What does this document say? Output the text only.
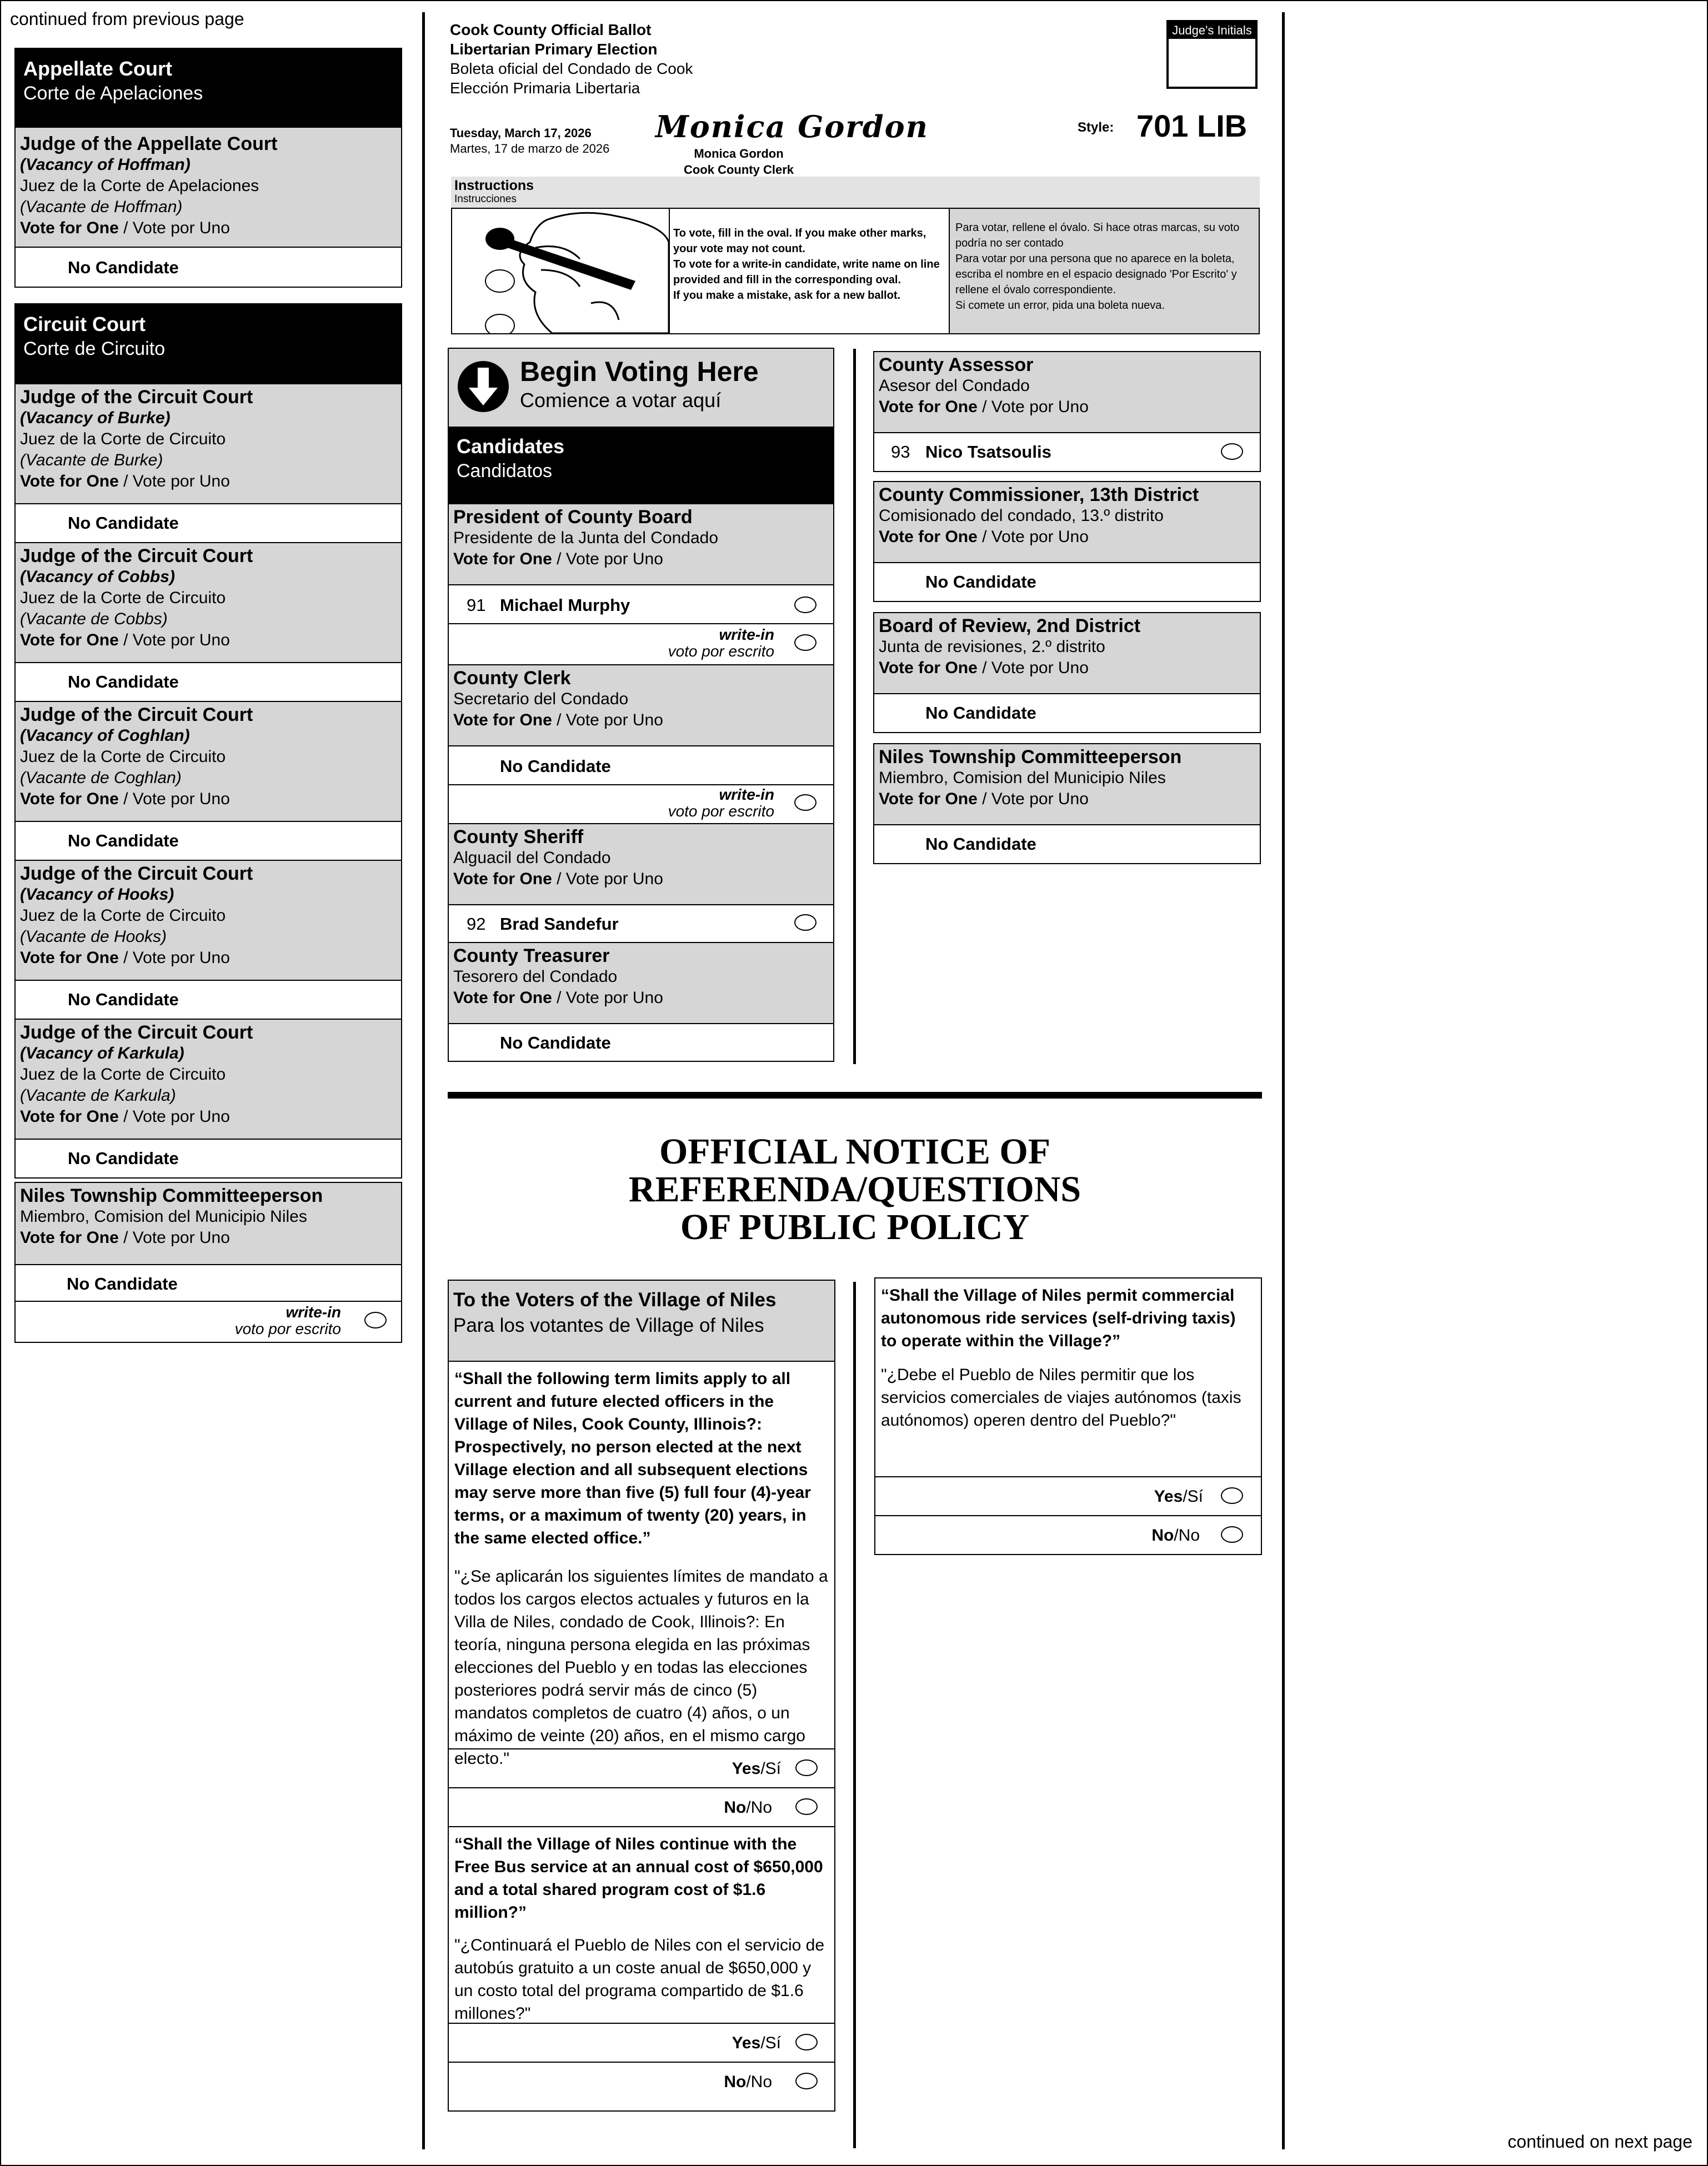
continued from previous page
continued on next page
Appellate Court
Corte de Apelaciones
Judge of the Appellate Court
(Vacancy of Hoffman)
Juez de la Corte de Apelaciones
(Vacante de Hoffman)
Vote for One / Vote por Uno
No Candidate
Circuit Court
Corte de Circuito
Judge of the Circuit Court
(Vacancy of Burke)
Juez de la Corte de Circuito
(Vacante de Burke)
Vote for One / Vote por Uno
No Candidate
Judge of the Circuit Court
(Vacancy of Cobbs)
Juez de la Corte de Circuito
(Vacante de Cobbs)
Vote for One / Vote por Uno
No Candidate
Judge of the Circuit Court
(Vacancy of Coghlan)
Juez de la Corte de Circuito
(Vacante de Coghlan)
Vote for One / Vote por Uno
No Candidate
Judge of the Circuit Court
(Vacancy of Hooks)
Juez de la Corte de Circuito
(Vacante de Hooks)
Vote for One / Vote por Uno
No Candidate
Judge of the Circuit Court
(Vacancy of Karkula)
Juez de la Corte de Circuito
(Vacante de Karkula)
Vote for One / Vote por Uno
No Candidate
Niles Township Committeeperson
Miembro, Comision del Municipio Niles
Vote for One / Vote por Uno
No Candidate
write-in
voto por escrito
Cook County Official Ballot
Libertarian Primary Election
Boleta oficial del Condado de Cook
Elección Primaria Libertaria
Tuesday, March 17, 2026
Martes, 17 de marzo de 2026
Monica Gordon
Monica Gordon
Cook County Clerk
Style: 701 LIB
Judge's Initials
Instructions
Instrucciones
To vote, fill in the oval. If you make other marks, your vote may not count.
To vote for a write-in candidate, write name on line provided and fill in the corresponding oval.
If you make a mistake, ask for a new ballot.
Para votar, rellene el óvalo. Si hace otras marcas, su voto podría no ser contado
Para votar por una persona que no aparece en la boleta, escriba el nombre en el espacio designado 'Por Escrito' y rellene el óvalo correspondiente.
Si comete un error, pida una boleta nueva.
Begin Voting Here
Comience a votar aquí
Candidates
Candidatos
President of County Board
Presidente de la Junta del Condado
Vote for One / Vote por Uno
91 Michael Murphy
write-in
voto por escrito
County Clerk
Secretario del Condado
Vote for One / Vote por Uno
No Candidate
write-in
voto por escrito
County Sheriff
Alguacil del Condado
Vote for One / Vote por Uno
92 Brad Sandefur
County Treasurer
Tesorero del Condado
Vote for One / Vote por Uno
No Candidate
County Assessor
Asesor del Condado
Vote for One / Vote por Uno
93 Nico Tsatsoulis
County Commissioner, 13th District
Comisionado del condado, 13.º distrito
Vote for One / Vote por Uno
No Candidate
Board of Review, 2nd District
Junta de revisiones, 2.º distrito
Vote for One / Vote por Uno
No Candidate
Niles Township Committeeperson
Miembro, Comision del Municipio Niles
Vote for One / Vote por Uno
No Candidate
OFFICIAL NOTICE OF
REFERENDA/QUESTIONS
OF PUBLIC POLICY
To the Voters of the Village of Niles
Para los votantes de Village of Niles
“Shall the following term limits apply to all current and future elected officers in the Village of Niles, Cook County, Illinois?: Prospectively, no person elected at the next Village election and all subsequent elections may serve more than five (5) full four (4)-year terms, or a maximum of twenty (20) years, in the same elected office.”
"¿Se aplicarán los siguientes límites de mandato a todos los cargos electos actuales y futuros en la Villa de Niles, condado de Cook, Illinois?: En teoría, ninguna persona elegida en las próximas elecciones del Pueblo y en todas las elecciones posteriores podrá servir más de cinco (5) mandatos completos de cuatro (4) años, o un máximo de veinte (20) años, en el mismo cargo electo."
Yes/Sí
No/No
“Shall the Village of Niles continue with the Free Bus service at an annual cost of $650,000 and a total shared program cost of $1.6 million?”
"¿Continuará el Pueblo de Niles con el servicio de autobús gratuito a un coste anual de $650,000 y un costo total del programa compartido de $1.6 millones?"
Yes/Sí
No/No
“Shall the Village of Niles permit commercial autonomous ride services (self-driving taxis) to operate within the Village?”
"¿Debe el Pueblo de Niles permitir que los servicios comerciales de viajes autónomos (taxis autónomos) operen dentro del Pueblo?"
Yes/Sí
No/No
